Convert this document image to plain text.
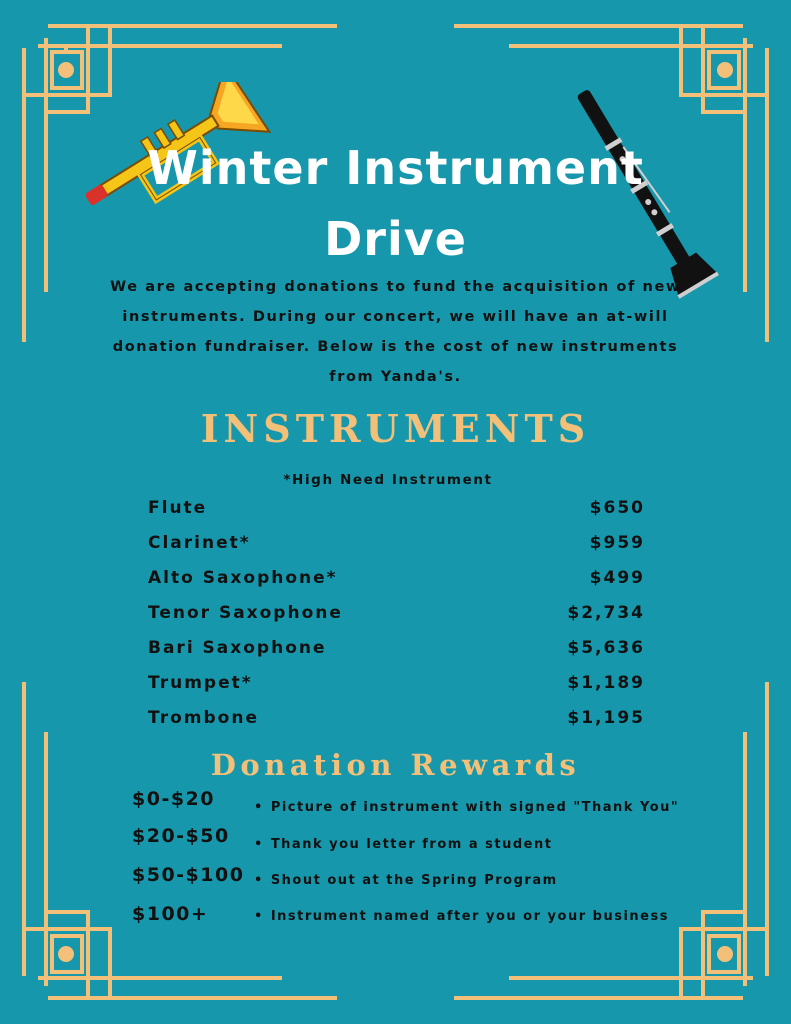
Winter Instrument
Drive
We are accepting donations to fund the acquisition of new instruments. During our concert, we will have an at-will donation fundraiser. Below is the cost of new instruments from Yanda's.
INSTRUMENTS
*High Need Instrument
Flute	$650
Clarinet*	$959
Alto Saxophone*	$499
Tenor Saxophone	$2,734
Bari Saxophone	$5,636
Trumpet*	$1,189
Trombone	$1,195
Donation Rewards
$0-$20	• Picture of instrument with signed "Thank You"
$20-$50 • Thank you letter from a student
$50-$100 • Shout out at the Spring Program
$100+	• Instrument named after you or your business
